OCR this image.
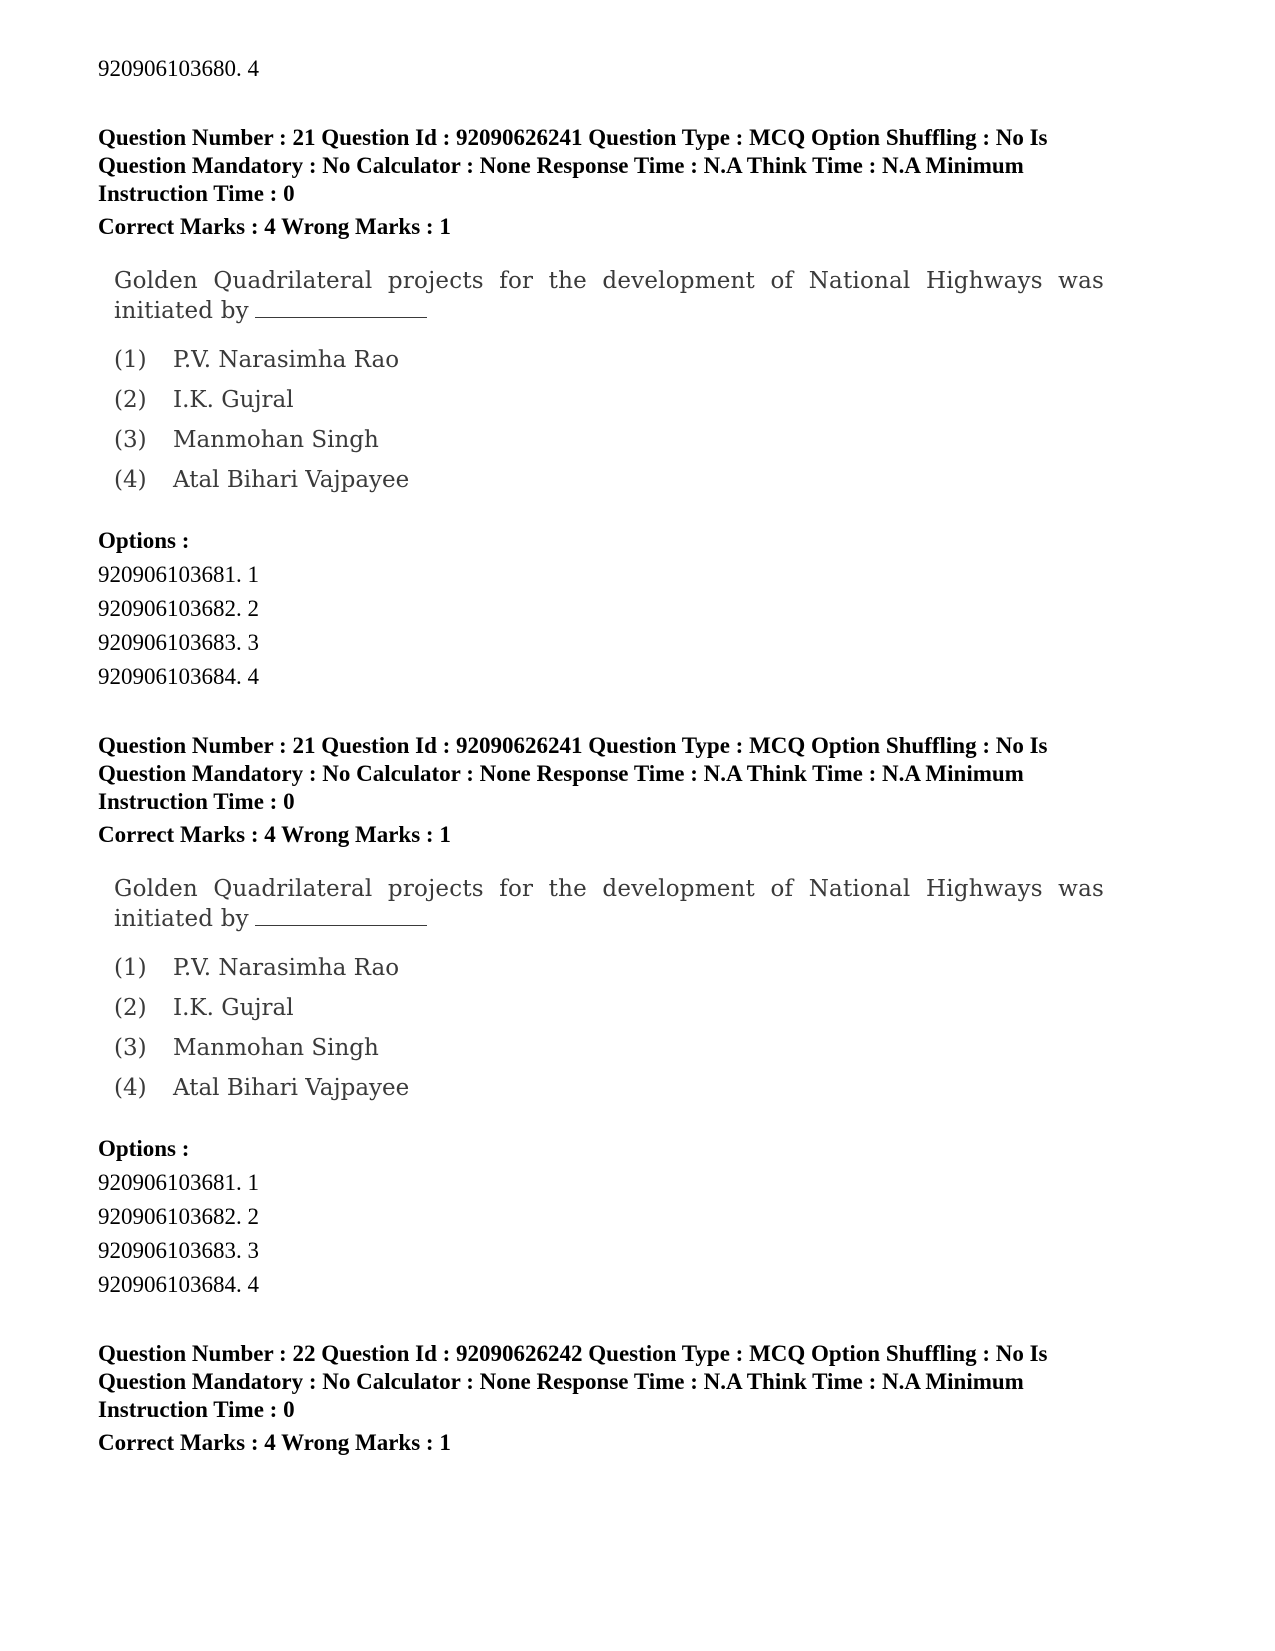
920906103680. 4
Question Number : 21 Question Id : 92090626241 Question Type : MCQ Option Shuffling : No Is
Question Mandatory : No Calculator : None Response Time : N.A Think Time : N.A Minimum
Instruction Time : 0
Correct Marks : 4 Wrong Marks : 1
Golden Quadrilateral projects for the development of National Highways was
initiated by
(1)	P.V. Narasimha Rao
(2)	I.K. Gujral
(3)	Manmohan Singh
(4)	Atal Bihari Vajpayee
Options :
920906103681. 1
920906103682. 2
920906103683. 3
920906103684. 4
Question Number : 21 Question Id : 92090626241 Question Type : MCQ Option Shuffling : No Is
Question Mandatory : No Calculator : None Response Time : N.A Think Time : N.A Minimum
Instruction Time : 0
Correct Marks : 4 Wrong Marks : 1
Golden Quadrilateral projects for the development of National Highways was
initiated by
(1)	P.V. Narasimha Rao
(2)	I.K. Gujral
(3)	Manmohan Singh
(4)	Atal Bihari Vajpayee
Options :
920906103681. 1
920906103682. 2
920906103683. 3
920906103684. 4
Question Number : 22 Question Id : 92090626242 Question Type : MCQ Option Shuffling : No Is
Question Mandatory : No Calculator : None Response Time : N.A Think Time : N.A Minimum
Instruction Time : 0
Correct Marks : 4 Wrong Marks : 1
